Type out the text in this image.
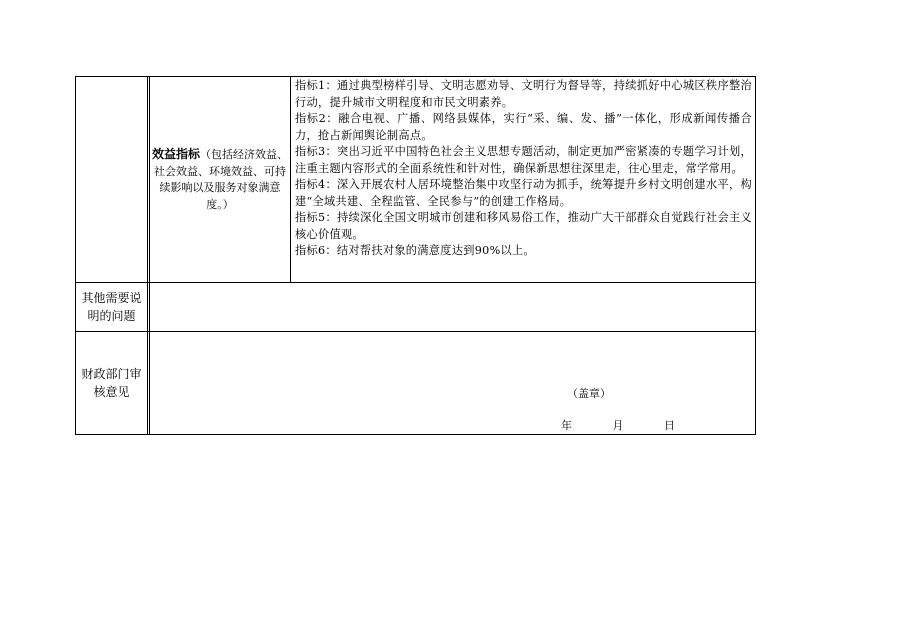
效益指标（包括经济效益、社会效益、环境效益、可持续影响以及服务对象满意度。）

指标1：通过典型榜样引导、文明志愿劝导、文明行为督导等，持续抓好中心城区秩序整治行动，提升城市文明程度和市民文明素养。

指标2：融合电视、广播、网络县媒体，实行“采、编、发、播”一体化，形成新闻传播合力，抢占新闻舆论制高点。

指标3：突出习近平中国特色社会主义思想专题活动，制定更加严密紧凑的专题学习计划，注重主题内容形式的全面系统性和针对性，确保新思想往深里走，往心里走，常学常用。

指标4：深入开展农村人居环境整治集中攻坚行动为抓手，统筹提升乡村文明创建水平，构建“全域共建、全程监管、全民参与”的创建工作格局。

指标5：持续深化全国文明城市创建和移风易俗工作，推动广大干部群众自觉践行社会主义核心价值观。

指标6：结对帮扶对象的满意度达到90%以上。

其他需要说明的问题
财政部门审核意见	（盖章）
年   月   日
